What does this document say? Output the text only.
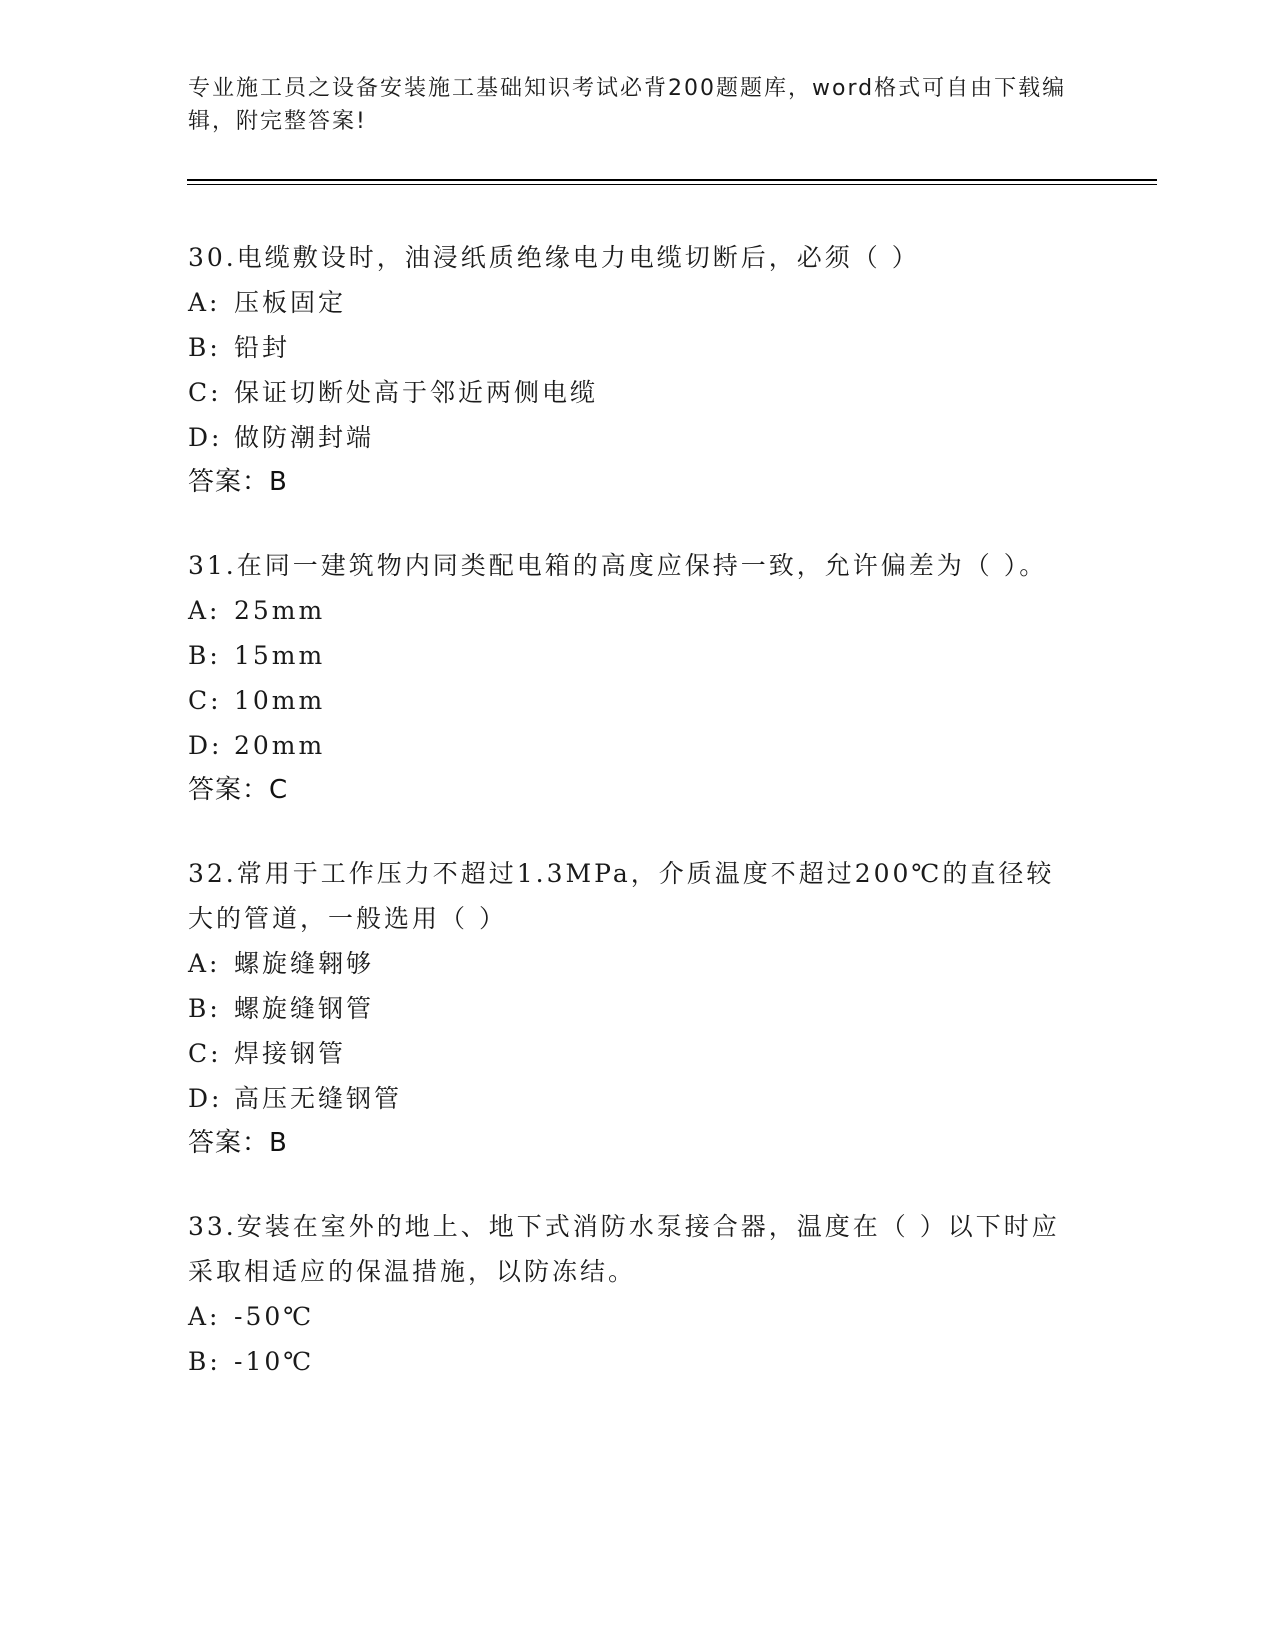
专业施工员之设备安装施工基础知识考试必背200题题库，word格式可自由下载编辑，附完整答案!

30.电缆敷设时，油浸纸质绝缘电力电缆切断后，必须（ ）

A: 压板固定
B: 铅封
C: 保证切断处高于邻近两侧电缆
D: 做防潮封端
答案：B

31.在同一建筑物内同类配电箱的高度应保持一致，允许偏差为（ ）。

A: 25mm
B: 15mm
C: 10mm
D: 20mm
答案：C

32.常用于工作压力不超过1.3MPa，介质温度不超过200℃的直径较大的管道，一般选用（ ）

A: 螺旋缝翱够
B: 螺旋缝钢管
C: 焊接钢管
D: 高压无缝钢管
答案：B

33.安装在室外的地上、地下式消防水泵接合器，温度在（ ）以下时应采取相适应的保温措施，以防冻结。

A: -50℃
B: -10℃
